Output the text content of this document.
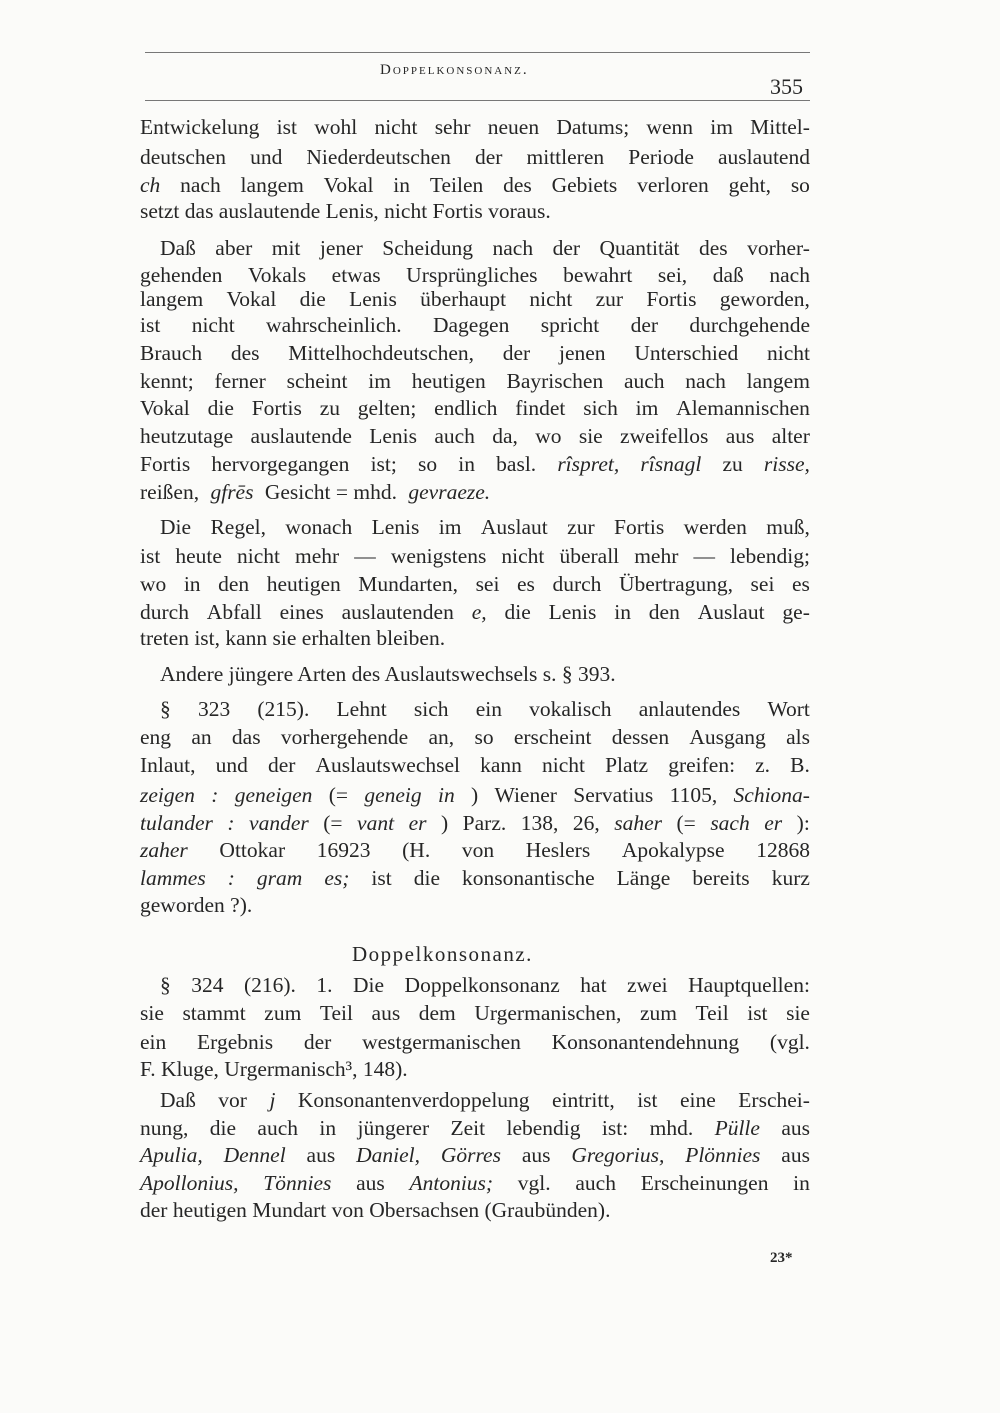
Doppelkonsonanz.
355
Entwickelung ist wohl nicht sehr neuen Datums; wenn im Mittel-
deutschen und Niederdeutschen der mittleren Periode auslautend
ch nach langem Vokal in Teilen des Gebiets verloren geht, so
setzt das auslautende Lenis, nicht Fortis voraus.
Daß aber mit jener Scheidung nach der Quantität des vorher-
gehenden Vokals etwas Ursprüngliches bewahrt sei, daß nach
langem Vokal die Lenis überhaupt nicht zur Fortis geworden,
ist nicht wahrscheinlich. Dagegen spricht der durchgehende
Brauch des Mittelhochdeutschen, der jenen Unterschied nicht
kennt; ferner scheint im heutigen Bayrischen auch nach langem
Vokal die Fortis zu gelten; endlich findet sich im Alemannischen
heutzutage auslautende Lenis auch da, wo sie zweifellos aus alter
Fortis hervorgegangen ist; so in basl. rîspret, rîsnagl zu risse,
reißen, gfrēs Gesicht = mhd. gevraeze.
Die Regel, wonach Lenis im Auslaut zur Fortis werden muß,
ist heute nicht mehr — wenigstens nicht überall mehr — lebendig;
wo in den heutigen Mundarten, sei es durch Übertragung, sei es
durch Abfall eines auslautenden e, die Lenis in den Auslaut ge-
treten ist, kann sie erhalten bleiben.
Andere jüngere Arten des Auslautswechsels s. § 393.
§ 323 (215). Lehnt sich ein vokalisch anlautendes Wort
eng an das vorhergehende an, so erscheint dessen Ausgang als
Inlaut, und der Auslautswechsel kann nicht Platz greifen: z. B.
zeigen : geneigen (= geneig in ) Wiener Servatius 1105, Schiona-
tulander : vander (= vant er ) Parz. 138, 26, saher (= sach er ):
zaher Ottokar 16923 (H. von Heslers Apokalypse 12868
lammes : gram es; ist die konsonantische Länge bereits kurz
geworden ?).
§ 324 (216). 1. Die Doppelkonsonanz hat zwei Hauptquellen:
sie stammt zum Teil aus dem Urgermanischen, zum Teil ist sie
ein Ergebnis der westgermanischen Konsonantendehnung (vgl.
F. Kluge, Urgermanisch³, 148).
Daß vor j Konsonantenverdoppelung eintritt, ist eine Erschei-
nung, die auch in jüngerer Zeit lebendig ist: mhd. Pülle aus
Apulia, Dennel aus Daniel, Görres aus Gregorius, Plönnies aus
Apollonius, Tönnies aus Antonius; vgl. auch Erscheinungen in
der heutigen Mundart von Obersachsen (Graubünden).
Doppelkonsonanz.
23*
